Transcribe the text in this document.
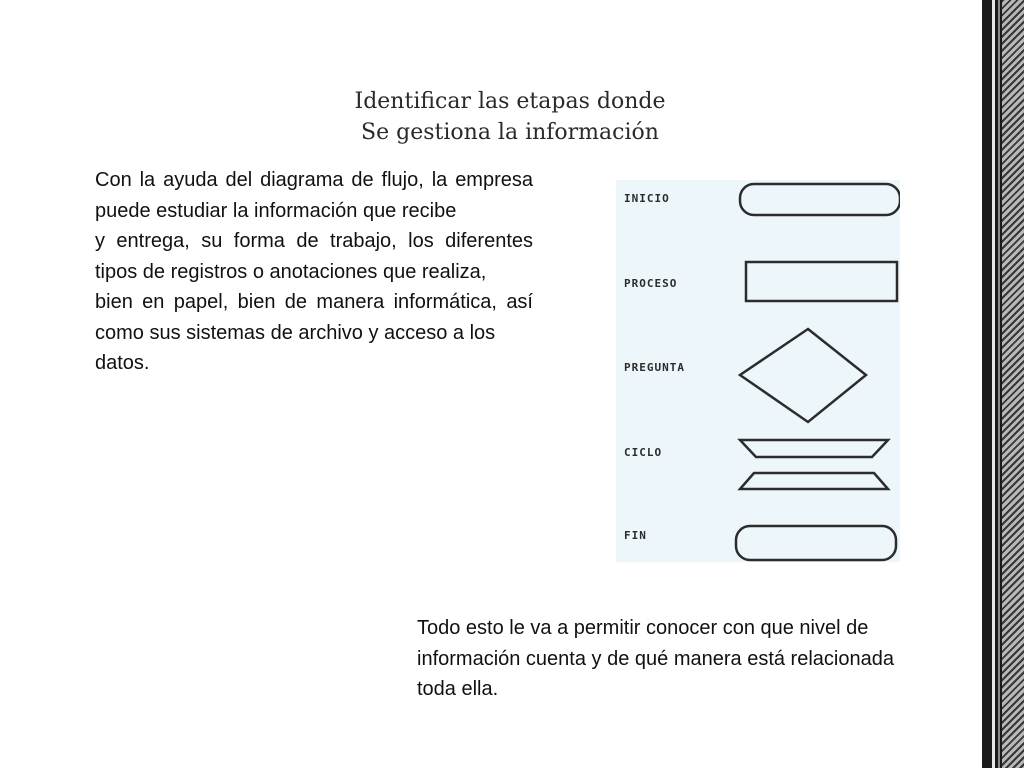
Identificar las etapas donde
Se gestiona la información

Con la ayuda del diagrama de flujo, la empresa puede estudiar la información que recibe

y entrega, su forma de trabajo, los diferentes tipos de registros o anotaciones que realiza,

bien en papel, bien de manera informática, así como sus sistemas de archivo y acceso a los

datos.

INICIO
PROCESO
PREGUNTA
CICLO
FIN

Todo esto le va a permitir conocer con que nivel de información cuenta y de qué manera está relacionada toda ella.
